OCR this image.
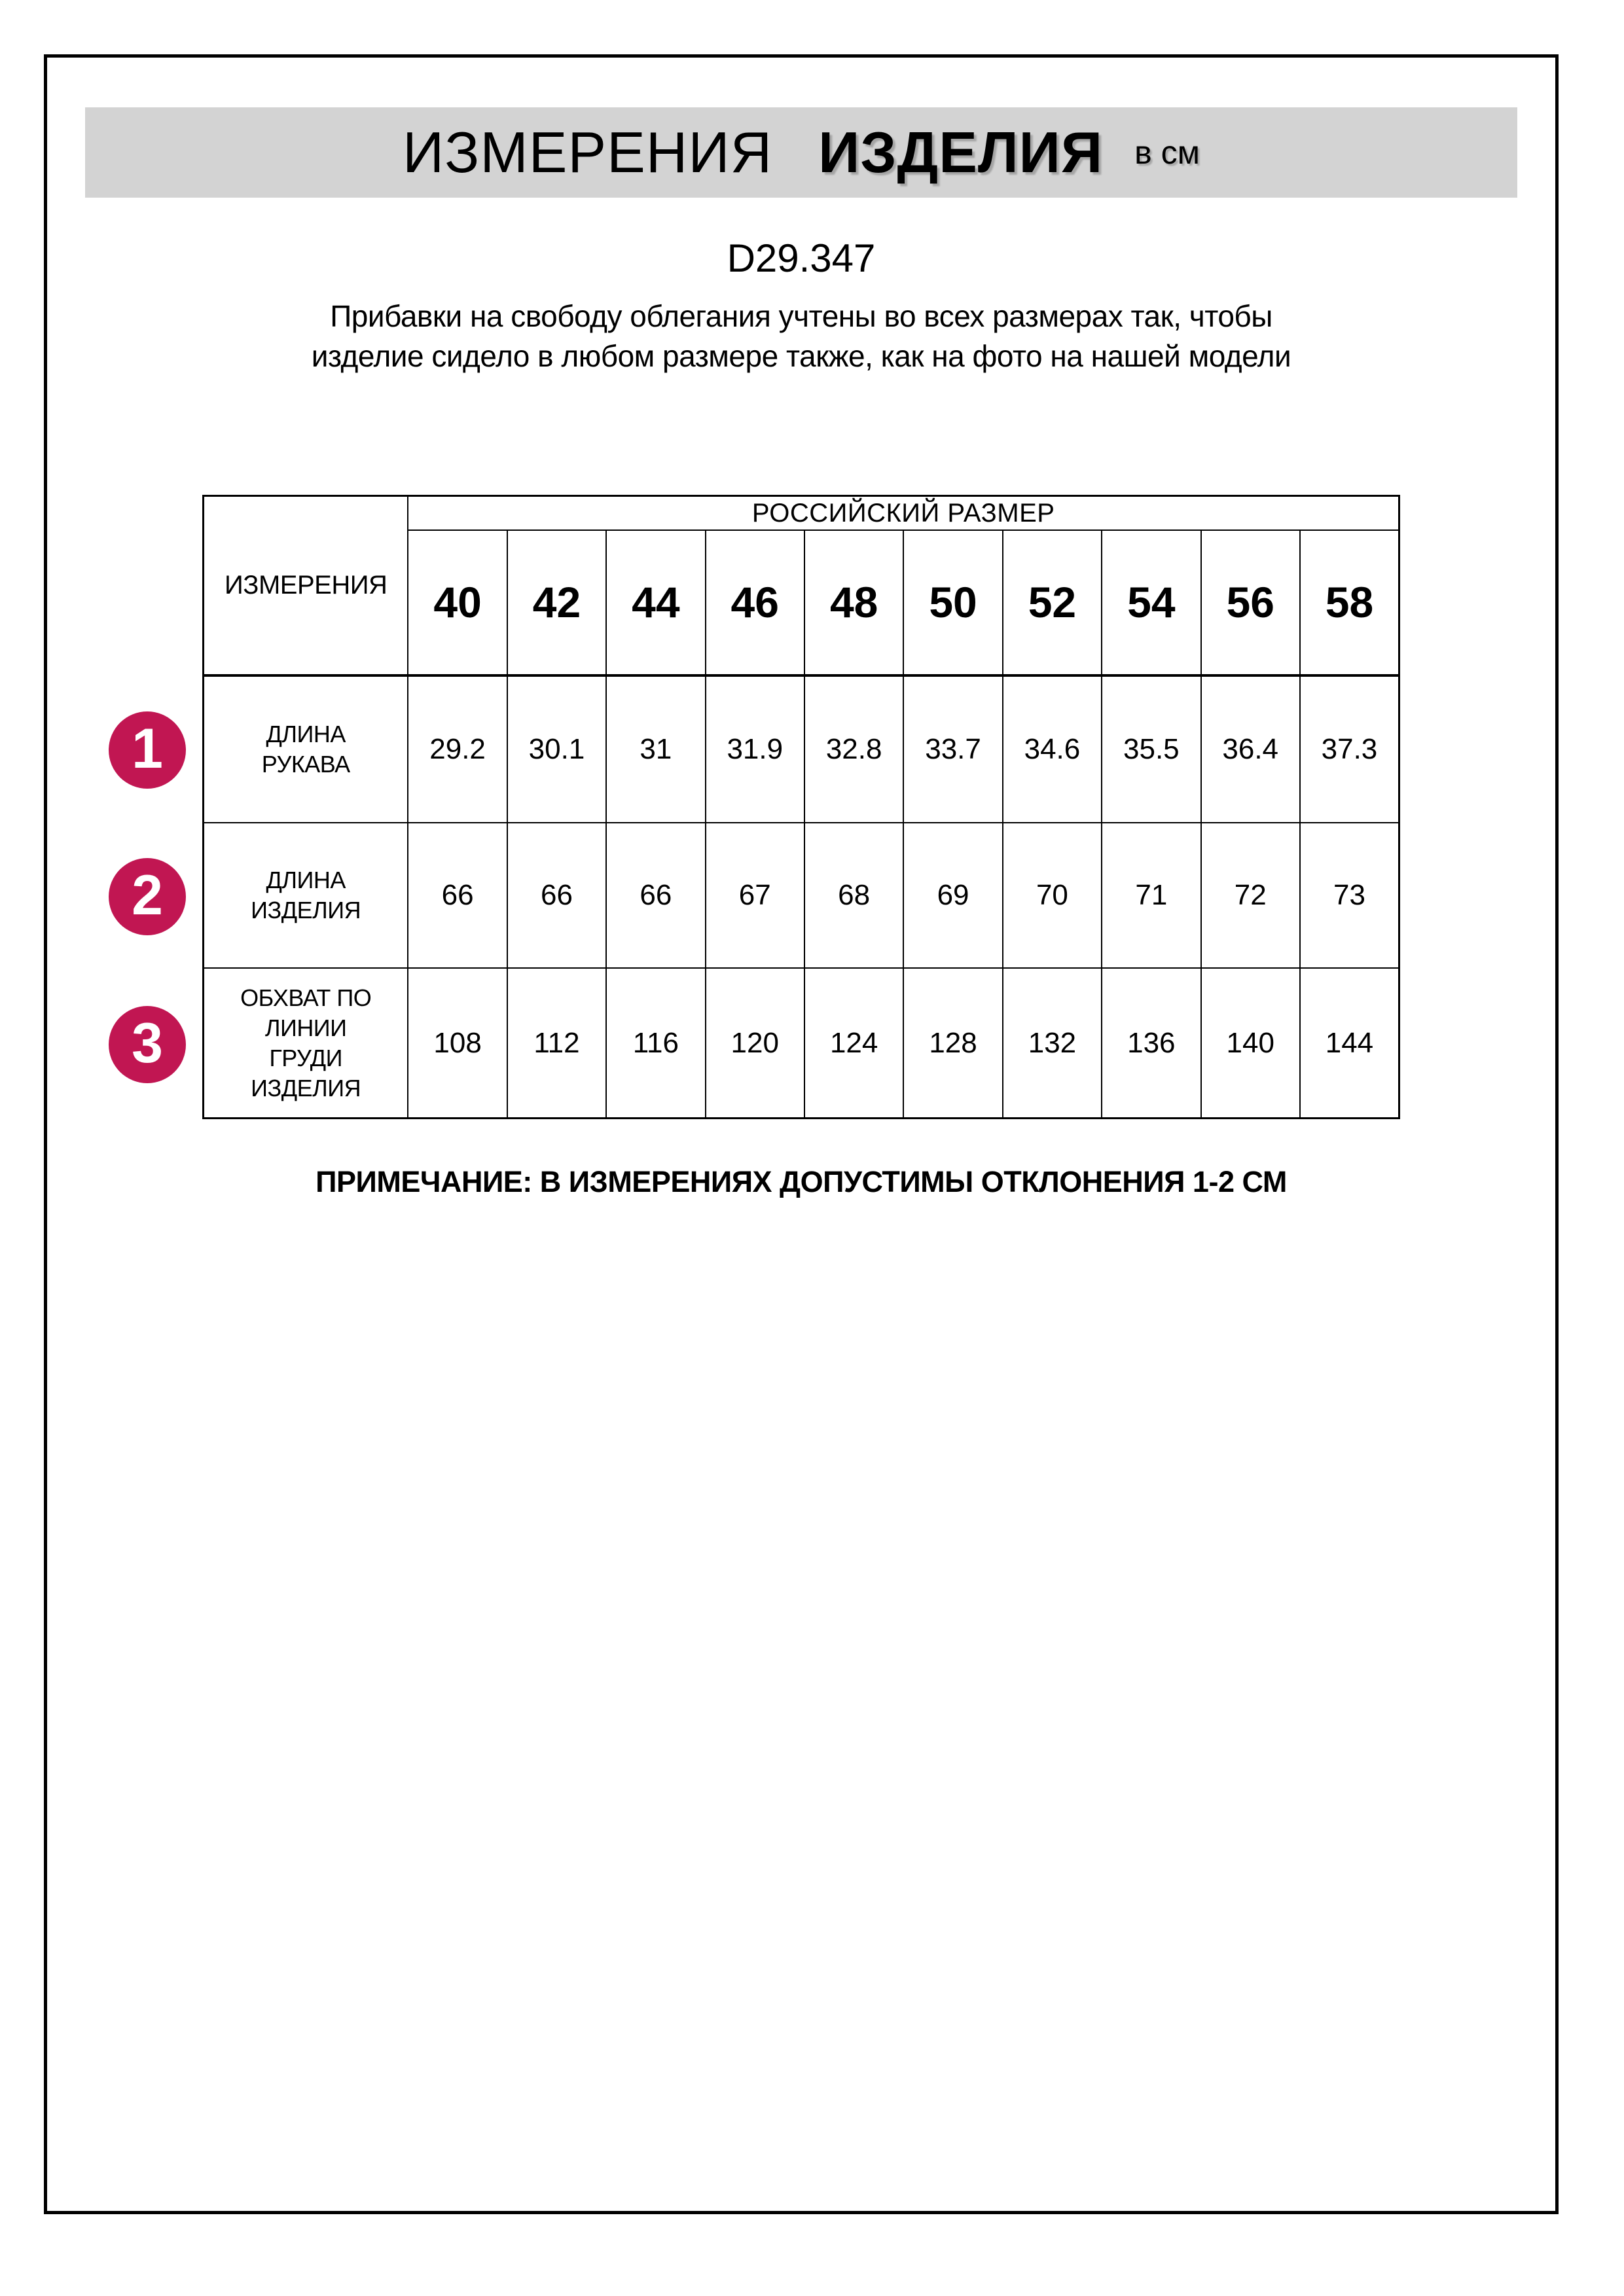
ИЗМЕРЕНИЯ ИЗДЕЛИЯ в см
D29.347

Прибавки на свободу облегания учтены во всех размерах так, чтобы изделие сидело в любом размере также, как на фото на нашей модели

1
2
3
ИЗМЕРЕНИЯ	РОССИЙСКИЙ РАЗМЕР									
	40	42	44	46	48	50	52	54	56	58

ДЛИНА РУКАВА	29.2	30.1	31	31.9	32.8	33.7	34.6	35.5	36.4	37.3

ДЛИНА ИЗДЕЛИЯ	66	66	66	67	68	69	70	71	72	73

ОБХВАТ ПО ЛИНИИ ГРУДИ ИЗДЕЛИЯ	108	112	116	120	124	128	132	136	140	144

ПРИМЕЧАНИЕ: В ИЗМЕРЕНИЯХ ДОПУСТИМЫ ОТКЛОНЕНИЯ 1-2 СМ
